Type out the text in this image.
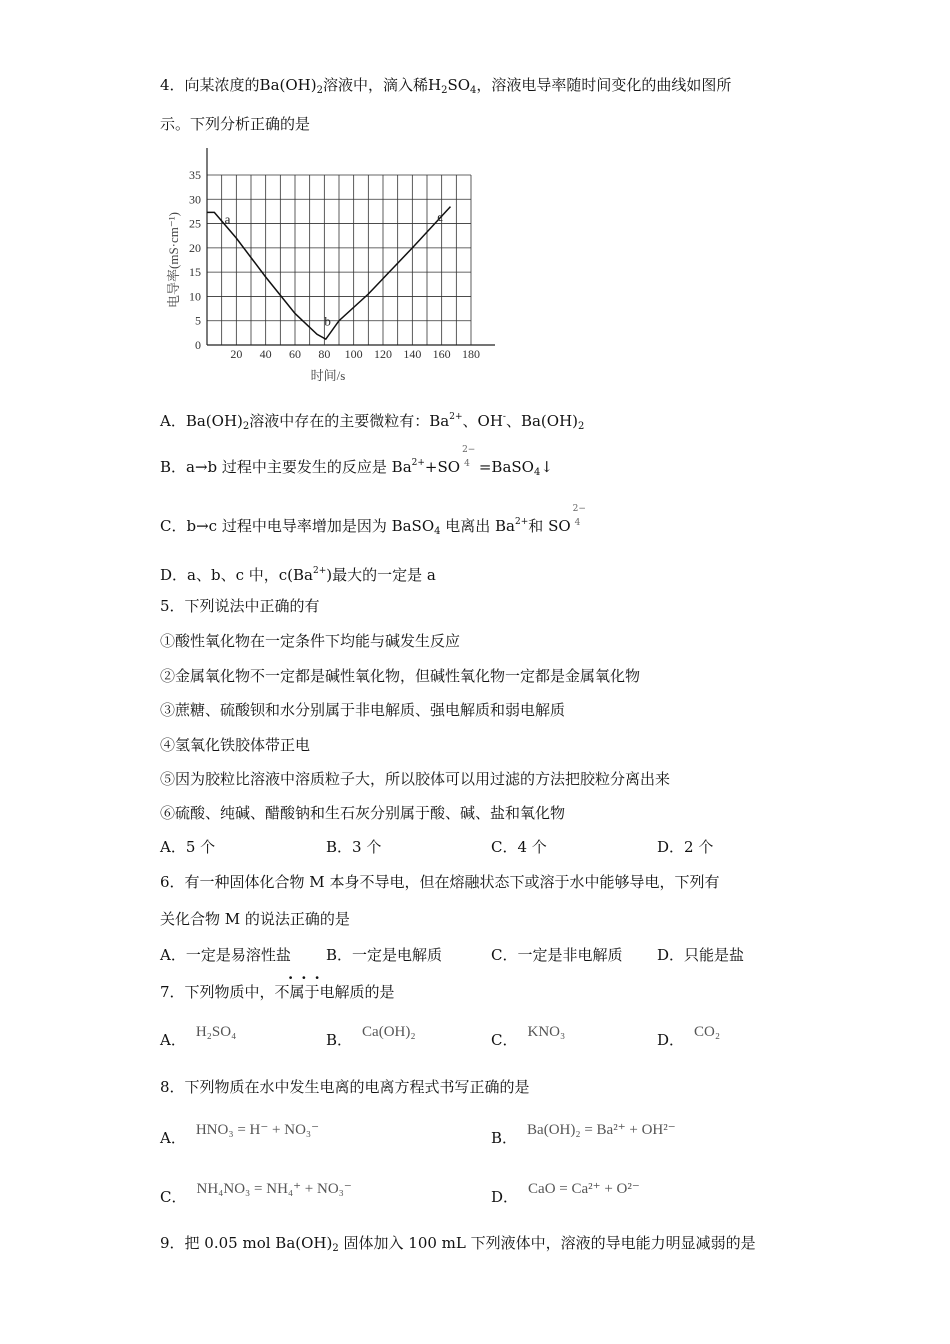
4．向某浓度的$Ba(OH)_2$溶液中，滴入稀$H_2SO_4$，溶液电导率随时间变化的曲线如图所
示。下列分析正确的是
A．$Ba(OH)_2$溶液中存在的主要微粒有：$Ba^{2+}$、OH-、$Ba(OH)_2$
B．a→b 过程中主要发生的反应是 $Ba^{2+}+SO$
2−
4 =BaSO$_4$↓
C．b→c 过程中电导率增加是因为 BaSO$_4$ 电离出 $Ba^{2+}$和 SO
2−
4
D．a、b、c 中，$c(Ba^{2+})$最大的一定是 a
5．下列说法中正确的有
①酸性氧化物在一定条件下均能与碱发生反应
②金属氧化物不一定都是碱性氧化物，但碱性氧化物一定都是金属氧化物
③蔗糖、硫酸钡和水分别属于非电解质、强电解质和弱电解质
④氢氧化铁胶体带正电
⑤因为胶粒比溶液中溶质粒子大，所以胶体可以用过滤的方法把胶粒分离出来
⑥硫酸、纯碱、醋酸钠和生石灰分别属于酸、碱、盐和氧化物
A．5 个	B．3 个	C．4 个	D．2 个
6．有一种固体化合物 M 本身不导电，但在熔融状态下或溶于水中能够导电，下列有
关化合物 M 的说法正确的是
A．一定是易溶性盐 B．一定是电解质	C．一定是非电解质 D．只能是盐
···
7．下列物质中，不属于电解质的是
A． H₂SO₄	B． Ca(OH)₂	C． KNO₃	D． CO₂
8．下列物质在水中发生电离的电离方程式书写正确的是
A． HNO₃ = H⁻ + NO₃⁻	B． Ba(OH)₂ = Ba²⁺ + OH²⁻
C． NH₄NO₃ = NH₄⁺ + NO₃⁻	D． CaO = Ca²⁺ + O²⁻
9．把 0.05 mol $Ba(OH)_2$ 固体加入 100 mL 下列液体中，溶液的导电能力明显减弱的是
20 40 60 80 100 120 140 160 180
0
5
10
15
20
25
30
35
时间/s
电导率(mS·cm⁻¹)	a
b
c
